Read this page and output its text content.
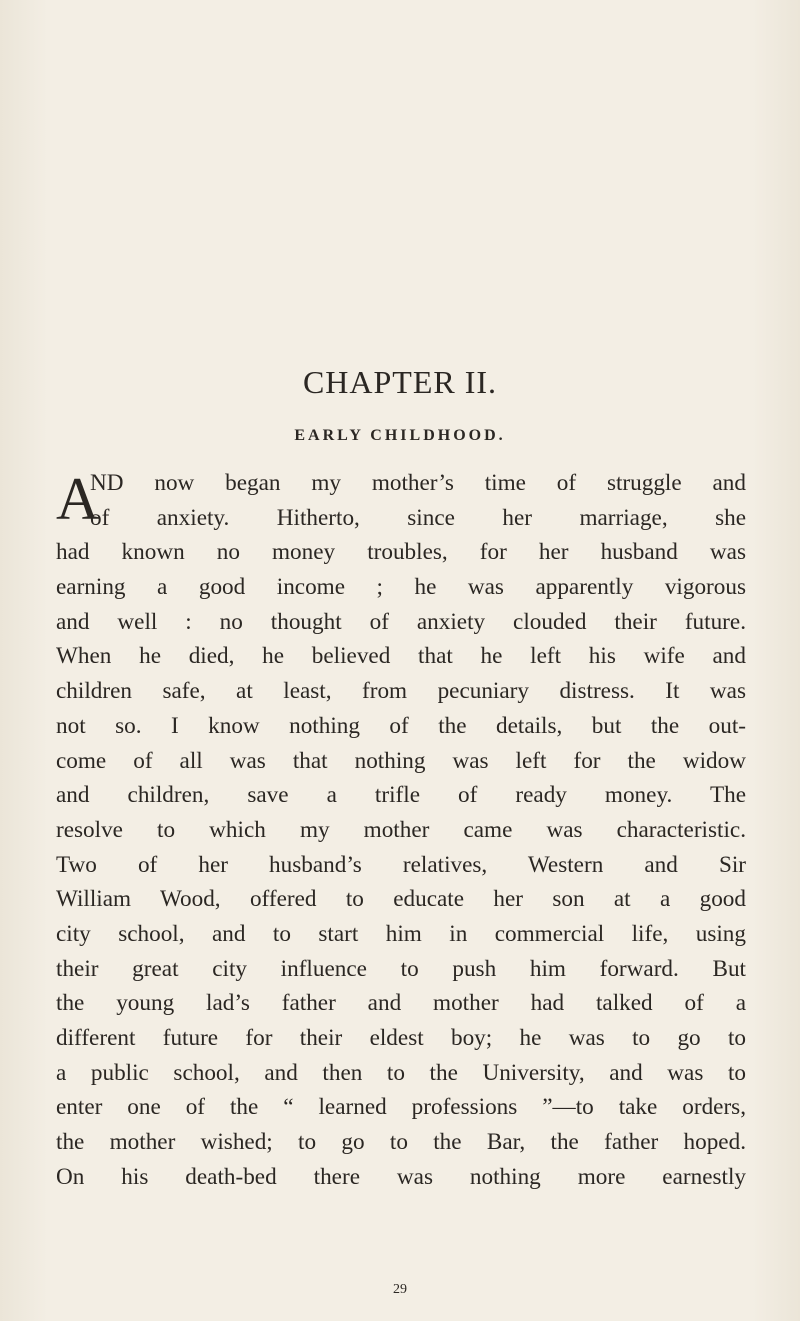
CHAPTER II.
EARLY CHILDHOOD.
A
ND now began my mother’s time of struggle and
of anxiety. Hitherto, since her marriage, she
had known no money troubles, for her husband was
earning a good income ; he was apparently vigorous
and well : no thought of anxiety clouded their future.
When he died, he believed that he left his wife and
children safe, at least, from pecuniary distress. It was
not so. I know nothing of the details, but the out-
come of all was that nothing was left for the widow
and children, save a trifle of ready money. The
resolve to which my mother came was characteristic.
Two of her husband’s relatives, Western and Sir
William Wood, offered to educate her son at a good
city school, and to start him in commercial life, using
their great city influence to push him forward. But
the young lad’s father and mother had talked of a
different future for their eldest boy; he was to go to
a public school, and then to the University, and was to
enter one of the “ learned professions ”—to take orders,
the mother wished; to go to the Bar, the father hoped.
On his death-bed there was nothing more earnestly
29
